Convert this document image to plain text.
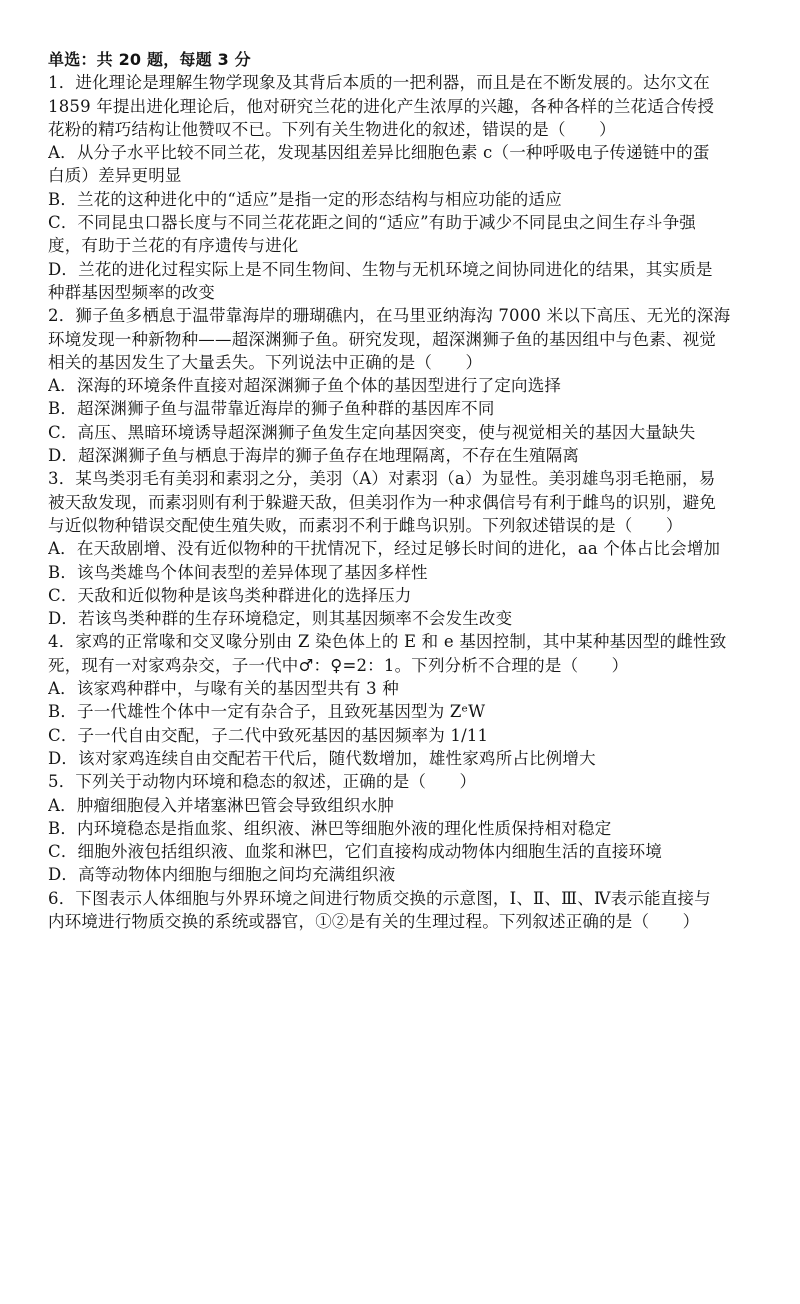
单选：共 20 题，每题 3 分
1．进化理论是理解生物学现象及其背后本质的一把利器，而且是在不断发展的。达尔文在
1859 年提出进化理论后，他对研究兰花的进化产生浓厚的兴趣，各种各样的兰花适合传授
花粉的精巧结构让他赞叹不已。下列有关生物进化的叙述，错误的是（　　）
A．从分子水平比较不同兰花，发现基因组差异比细胞色素 c（一种呼吸电子传递链中的蛋
白质）差异更明显
B．兰花的这种进化中的“适应”是指一定的形态结构与相应功能的适应
C．不同昆虫口器长度与不同兰花花距之间的“适应”有助于减少不同昆虫之间生存斗争强
度，有助于兰花的有序遗传与进化
D．兰花的进化过程实际上是不同生物间、生物与无机环境之间协同进化的结果，其实质是
种群基因型频率的改变
2．狮子鱼多栖息于温带靠海岸的珊瑚礁内，在马里亚纳海沟 7000 米以下高压、无光的深海
环境发现一种新物种——超深渊狮子鱼。研究发现，超深渊狮子鱼的基因组中与色素、视觉
相关的基因发生了大量丢失。下列说法中正确的是（　　）
A．深海的环境条件直接对超深渊狮子鱼个体的基因型进行了定向选择
B．超深渊狮子鱼与温带靠近海岸的狮子鱼种群的基因库不同
C．高压、黑暗环境诱导超深渊狮子鱼发生定向基因突变，使与视觉相关的基因大量缺失
D．超深渊狮子鱼与栖息于海岸的狮子鱼存在地理隔离，不存在生殖隔离
3．某鸟类羽毛有美羽和素羽之分，美羽（A）对素羽（a）为显性。美羽雄鸟羽毛艳丽，易
被天敌发现，而素羽则有利于躲避天敌，但美羽作为一种求偶信号有利于雌鸟的识别，避免
与近似物种错误交配使生殖失败，而素羽不利于雌鸟识别。下列叙述错误的是（　　）
A．在天敌剧增、没有近似物种的干扰情况下，经过足够长时间的进化，aa 个体占比会增加
B．该鸟类雄鸟个体间表型的差异体现了基因多样性
C．天敌和近似物种是该鸟类种群进化的选择压力
D．若该鸟类种群的生存环境稳定，则其基因频率不会发生改变
4．家鸡的正常喙和交叉喙分别由 Z 染色体上的 E 和 e 基因控制，其中某种基因型的雌性致
死，现有一对家鸡杂交，子一代中♂：♀=2：1。下列分析不合理的是（　　）
A．该家鸡种群中，与喙有关的基因型共有 3 种
B．子一代雄性个体中一定有杂合子，且致死基因型为 ZᵉW
C．子一代自由交配，子二代中致死基因的基因频率为 1/11
D．该对家鸡连续自由交配若干代后，随代数增加，雄性家鸡所占比例增大
5．下列关于动物内环境和稳态的叙述，正确的是（　　）
A．肿瘤细胞侵入并堵塞淋巴管会导致组织水肿
B．内环境稳态是指血浆、组织液、淋巴等细胞外液的理化性质保持相对稳定
C．细胞外液包括组织液、血浆和淋巴，它们直接构成动物体内细胞生活的直接环境
D．高等动物体内细胞与细胞之间均充满组织液
6．下图表示人体细胞与外界环境之间进行物质交换的示意图，Ⅰ、Ⅱ、Ⅲ、Ⅳ表示能直接与
内环境进行物质交换的系统或器官，①②是有关的生理过程。下列叙述正确的是（　　）
